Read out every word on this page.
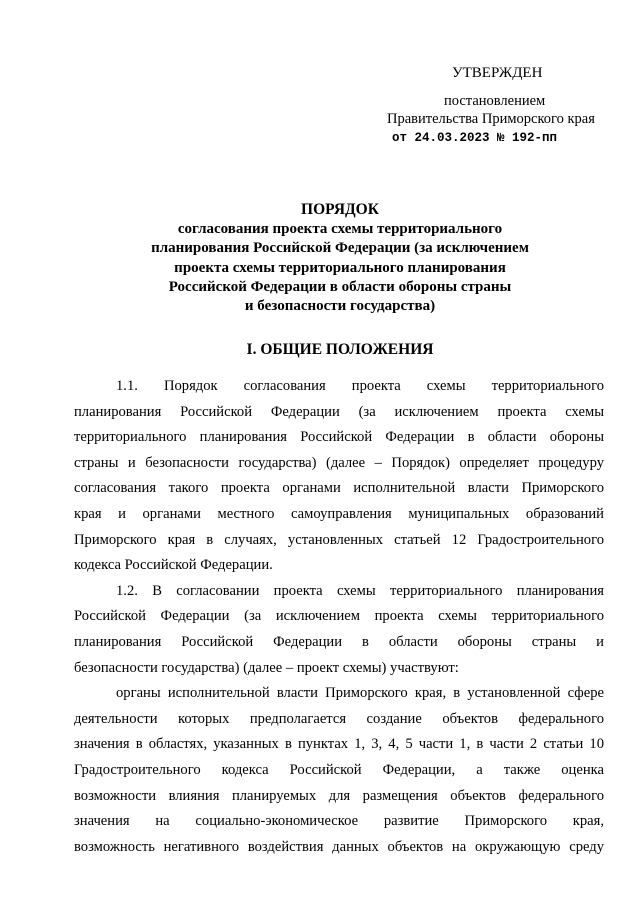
УТВЕРЖДЕН
постановлением
Правительства Приморского края
от 24.03.2023 № 192-пп
ПОРЯДОК
согласования проекта схемы территориального
планирования Российской Федерации (за исключением
проекта схемы территориального планирования
Российской Федерации в области обороны страны
и безопасности государства)
I. ОБЩИЕ ПОЛОЖЕНИЯ
1.1. Порядок согласования проекта схемы территориального
планирования Российской Федерации (за исключением проекта схемы
территориального планирования Российской Федерации в области обороны
страны и безопасности государства) (далее – Порядок) определяет процедуру
согласования такого проекта органами исполнительной власти Приморского
края и органами местного самоуправления муниципальных образований
Приморского края в случаях, установленных статьей 12 Градостроительного
кодекса Российской Федерации.
1.2. В согласовании проекта схемы территориального планирования
Российской Федерации (за исключением проекта схемы территориального
планирования Российской Федерации в области обороны страны и
безопасности государства) (далее – проект схемы) участвуют:
органы исполнительной власти Приморского края, в установленной сфере
деятельности которых предполагается создание объектов федерального
значения в областях, указанных в пунктах 1, 3, 4, 5 части 1, в части 2 статьи 10
Градостроительного кодекса Российской Федерации, а также оценка
возможности влияния планируемых для размещения объектов федерального
значения на социально-экономическое развитие Приморского края,
возможность негативного воздействия данных объектов на окружающую среду
